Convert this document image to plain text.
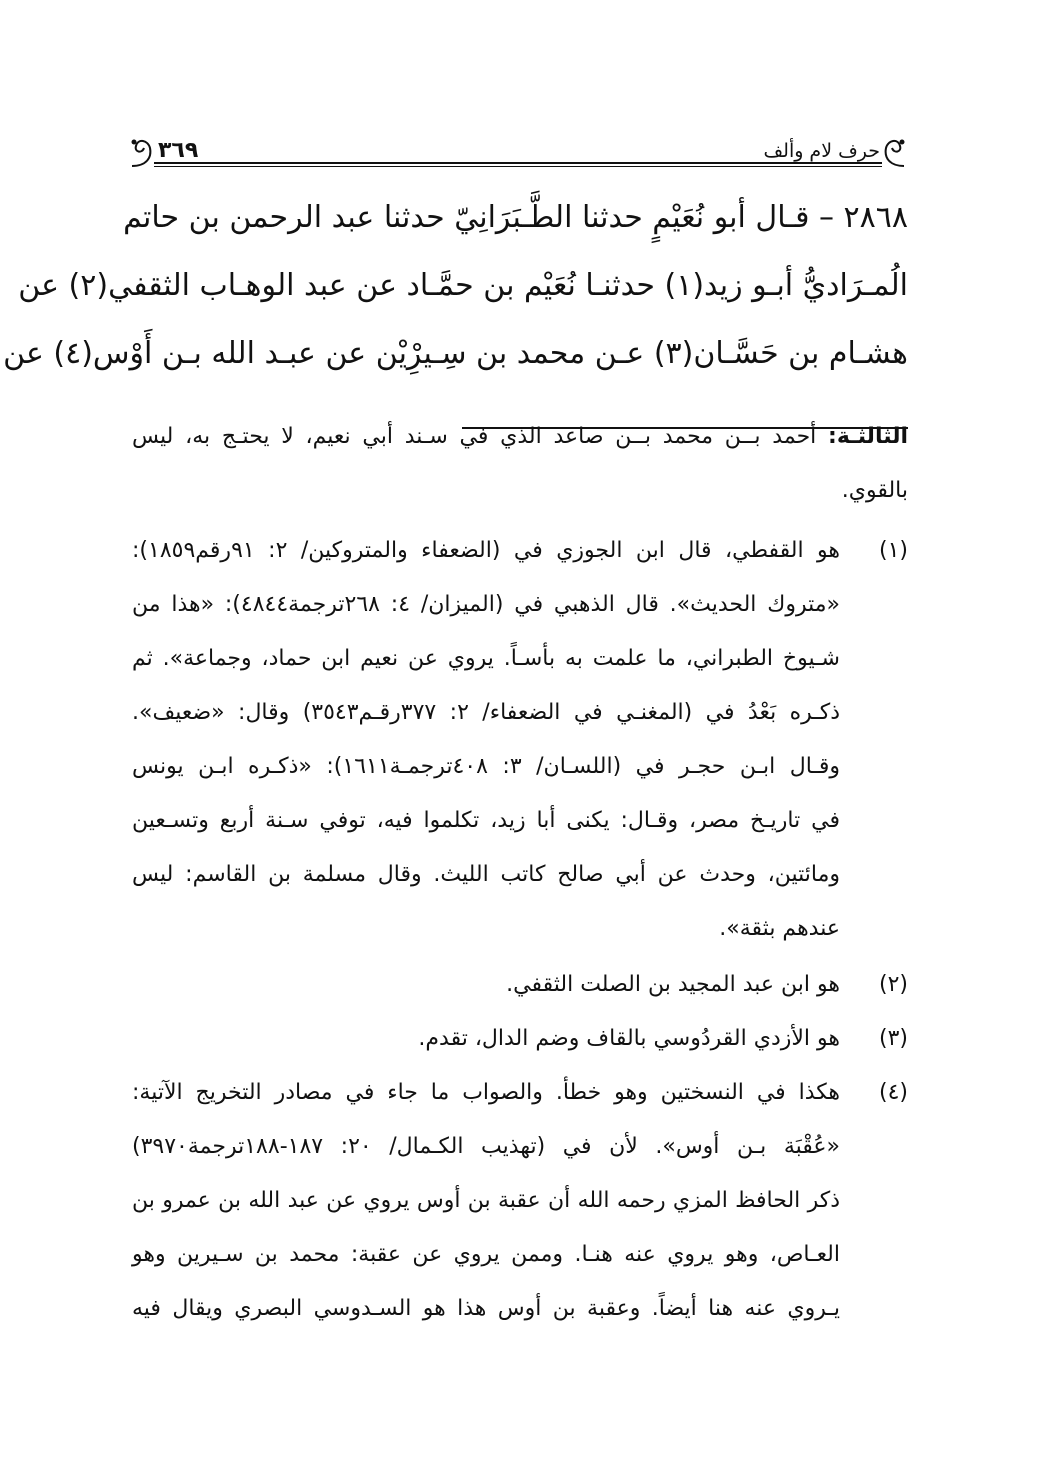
حرف لام وألف
٣٦٩

٢٨٦٨ – قـال أبو نُعَيْمٍ حدثنا الطَّـبَرَانِيّ حدثنا عبد الرحمن بن حاتم

الُمـرَاديُّ أبـو زيد(١) حدثنـا نُعَيْم بن حمَّـاد عن عبد الوهـاب الثقفي(٢) عن

هشـام بن حَسَّـان(٣) عـن محمد بن سِـيرِْيْن عن عبـد الله بـن أَوْس(٤) عن

الثالثـة: أحمد بــن محمد بــن صاعد الذي في سـند أبي نعيم، لا يحتـج به، ليس

بالقوي.

(١)

هو القفطي، قال ابن الجوزي في (الضعفاء والمتروكين/ ٢: ٩١رقم١٨٥٩):

«متروك الحديث». قال الذهبي في (الميزان/ ٤: ٢٦٨ترجمة٤٨٤٤): «هذا من

شـيوخ الطبراني، ما علمت به بأسـاً. يروي عن نعيم ابن حماد، وجماعة». ثم

ذكـره بَعْدُ في (المغنـي في الضعفاء/ ٢: ٣٧٧رقـم٣٥٤٣) وقال: «ضعيف».

وقـال ابـن حجـر في (اللسـان/ ٣: ٤٠٨ترجمـة١٦١١): «ذكـره ابـن يونس

في تاريـخ مصر، وقـال: يكنى أبا زيد، تكلموا فيه، توفي سـنة أربع وتسـعين

ومائتين، وحدث عن أبي صالح كاتب الليث. وقال مسلمة بن القاسم: ليس

عندهم بثقة».

(٢)

هو ابن عبد المجيد بن الصلت الثقفي.

(٣)

هو الأزدي القردُوسي بالقاف وضم الدال، تقدم.

(٤)

هكذا في النسختين وهو خطأ. والصواب ما جاء في مصادر التخريج الآتية:

«عُقْبَة بـن أوس». لأن في (تهذيب الكـمال/ ٢٠: ١٨٧-١٨٨ترجمة٣٩٧٠)

ذكر الحافظ المزي رحمه الله أن عقبة بن أوس يروي عن عبد الله بن عمرو بن

العـاص، وهو يروي عنه هنـا. وممن يروي عن عقبة: محمد بن سـيرين وهو

يـروي عنه هنا أيضاً. وعقبة بن أوس هذا هو السـدوسي البصري ويقال فيه
